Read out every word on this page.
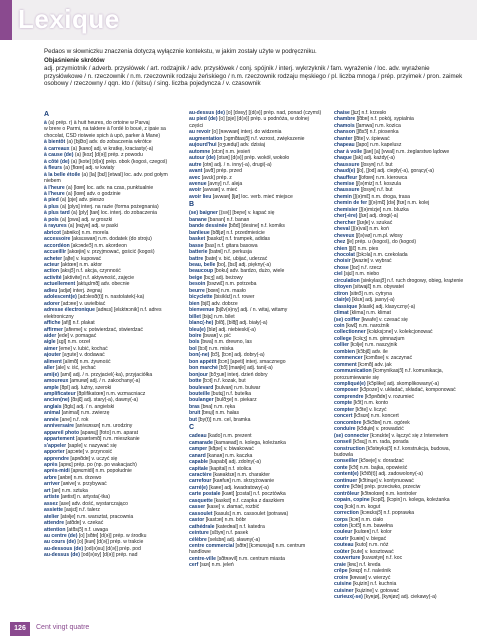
Lexique

Pedaos w słowniczku znaczenia dotyczą wyłącznie kontekstu, w jakim zostały użyte w podręczniku.

Objaśnienie skrótów

adj. przymiotnik / adverb. przysłówek / art. rodzajnik / adv. przysłówek / conj. spójnik / interj. wykrzyknik / fam. wyrażenie / loc. adv. wyrażenie przysłówkowe / n. rzeczownik / n.m. rzeczownik rodzaju żeńskiego / n.m. rzeczownik rodzaju męskiego / pl. liczba mnoga / prép. przyimek / pron. zaimek osobowy / rzeczowny / qqn. kto / (kitsu) / sing. liczba pojedyncza / v. czasownik

A

à (a) prép. r) à huit heures, do ortoine w Parvaj

w brere o Parmi, na taktere à l'ordé lo boué, z ipaie sa chocolat, CSD rioiweie spich à upò, parker à Mane)

à bientôt (a) [bjɛ̃to] adv. do zobaczenia wkrótce

à carreaux (a) [kaʀo] adj. w kratkę, kraciasty(-a)

à cause (de) (a) [koz] [d(ə)] prép. z powodu

à côté (de) (a) [kote] [d(ə)] prép. obok (kogoś, czegoś)

à fleurs (a) [flœʀ] adj. w kwiaty

à la belle étoile (a) [la] [bɛl] [etwal] loc. adv. pod gołym niebem

à l'heure (a) [lœʀ] loc. adv. na czas, punktualnie

à l'heure (a) [lœʀ] adv. o godzinie

à pied (a) [pje] adv. pieszo

à plus (a) [plys] interj. na razie (forma pożegnania)

à plus tard (a) [ply] [taʀ] loc. interj. do zobaczenia

à pois (a) [pwa] adj. w groszki

à rayures (a) [ʀɛjyʀ] adj. w paski

abricot [abʀiko] n.m. morela

accessoire [aksɛswaʀ] n.m. dodatek (do stroju)

accordéon [akɔʀdeɔ̃] n.m. akordeon

accueillir [akœjiʀ] v. przyjmować, gościć (kogoś)

acheter [aʃte] v. kupować

acteur [aktœʀ] n.m. aktor

action [aksjɔ̃] n.f. akcja, czynność

activité [aktivite] n.f. aktywność, zajęcie

actuellement [aktɥɛlmɑ̃] adv. obecnie

adieu [adjø] interj. żegnaj

adolescent(e) [adɔlesɑ̃(t)] n. nastolatek(-ka)

adorer [adɔʀe] v. uwielbiać

adresse électronique [adʀɛs] [elɛktʀɔnik] n.f. adres elektroniczny

affiche [afiʃ] n.f. plakat

affirmer [afiʀme] v. potwierdzać, stwierdzać

aider [ede] v. pomagać

aigle [ɛgl] n.m. orzeł

aimer [eme] v. lubić, kochać

ajouter [aʒute] v. dodawać

aliment [alimɑ̃] n.m. żywność

aller [ale] v. iść, jechać

ami(e) [ami] adj. / n. przyjaciel(-ka), przyjaciółka

amoureux [amuʀø] adj. / n. zakochany(-a)

ample [ɑ̃pl] adj. luźny, szeroki

amplificateur [ɑ̃plifikatœʀ] n.m. wzmacniacz

ancien(ne) [ɑ̃sjɛ̃] adj. stary(-a), dawny(-a)

anglais [ɑ̃glɛ] adj. / n. angielski

animal [animal] n.m. zwierzę

année [ane] n.f. rok

anniversaire [anivɛʀsɛʀ] n.m. urodziny

appareil photo [apaʀɛj] [foto] n.m. aparat

appartement [apaʀtəmɑ̃] n.m. mieszkanie

s'appeler [saple] v. nazywać się

apporter [apɔʀte] v. przynosić

apprendre [apʀɑ̃dʀ] v. uczyć się

après [apʀɛ] prép. po (np. po wakacjach)

après-midi [apʀɛmidi] n.m. popołudnie

arbre [aʀbʀ] n.m. drzewo

arriver [aʀive] v. przybywać

art [aʀ] n.m. sztuka

artiste [aʀtist] n. artysta(-tka)

assez [ase] adv. dość, wystarczająco

assiette [asjɛt] n.f. talerz

atelier [atəlje] n.m. warsztat, pracownia

attendre [atɑ̃dʀ] v. czekać

attention [atɑ̃sjɔ̃] n.f. uwaga

au centre (de) [o] [sɑ̃tʀ] [d(ə)] prép. w środku

au cours (de) [o] [kuʀ] [d(ə)] prép. w trakcie

au-dessous (de) [od(ə)su] [d(ə)] prép. pod

au-dessus (de) [od(ə)sy] [d(ə)] prép. nad

au-dessus (de) [o] [dəsy] [(d(ə)] prép. nad, ponad (czymś)

au pied (de) [o] [pje] [d(ə)] prép. u podnóża, w dolnej części

au revoir [o] [ʀəvwaʀ] interj. do widzenia

augmentation [ɔgmɑ̃tasjɔ̃] n.f. wzrost, zwiększenie

aujourd'hui [oʒuʀdɥi] adv. dzisiaj

automne [otɔn] n.m. jesień

autour (de) [otuʀ] [d(ə)] prép. wokół, wokoło

autre [otʀ] adj. / n. inny(-a), drugi(-a)

avant [avɑ̃] prép. przed

avec [avɛk] prép. z

avenue [avny] n.f. aleja

avoir [avwaʀ] v. mieć

avoir lieu [avwaʀ] [ljø] loc. verb. mieć miejsce

B

(se) baigner [(sə)] [beɲe] v. kąpać się

banane [banan] n.f. banan

bande dessinée [bɑ̃d] [desine] n.f. komiks

banlieue [bɑ̃ljø] n.f. przedmieście

basket [baskɛt] n.f. trampek, adidas

basse [bas] n.f. gitara basowa

batterie [batʀi] n.f. perkusja

battre [batʀ] v. bić, ubijać, uderzać

beau, belle [bo], [bɛl] adj. piękny(-a)

beaucoup [boku] adv. bardzo, dużo, wiele

beige [bɛʒ] adj. beżowy

besoin [bəzwɛ̃] n.m. potrzeba

beurre [bœʀ] n.m. masło

bicyclette [bisiklɛt] n.f. rower

bien [bjɛ̃] adv. dobrze

bienvenue [bjɛ̃v(ə)ny] adj. / n. witaj, witamy

billet [bijɛ] n.m. bilet

blanc(-he) [blɑ̃], [blɑ̃ʃ] adj. biały(-a)

bleu(e) [blø] adj. niebieski(-a)

boire [bwaʀ] v. pić

bois [bwa] n.m. drewno, las

bol [bɔl] n.m. miska

bon(-ne) [bɔ̃], [bɔn] adj. dobry(-a)

bon appétit [bɔn] [apeti] interj. smacznego

bon marché [bɔ̃] [maʀʃe] adj. tani(-a)

bonjour [bɔ̃ʒuʀ] interj. dzień dobry

botte [bɔt] n.f. kozak, but

boulevard [bulvaʀ] n.m. bulwar

bouteille [butɛj] n.f. butelka

boulanger [bulɑ̃ʒe] n. piekarz

bras [bʀa] n.m. ręka

bruit [bʀɥi] n.m. hałas

but [by(t)] n.m. cel, bramka

C

cadeau [kado] n.m. prezent

camarade [kamaʀad] n. kolega, koleżanka

camper [kɑ̃pe] v. biwakować

canard [kanaʀ] n.m. kaczka

capable [kapabl] adj. zdolny(-a)

capitale [kapital] n.f. stolica

caractère [kaʀaktɛʀ] n.m. charakter

carrefour [kaʀfuʀ] n.m. skrzyżowanie

carré(e) [kaʀe] adj. kwadratowy(-a)

carte postale [kaʀt] [pɔstal] n.f. pocztówka

casquette [kaskɛt] n.f. czapka z daszkiem

casser [kase] v. złamać, rozbić

cassoulet [kasulɛ] n.m. cassoulet (potrawa)

castor [kastɔʀ] n.m. bóbr

cathédrale [katedʀal] n.f. katedra

ceinture [sɛ̃tyʀ] n.f. pasek

célèbre [selɛbʀ] adj. sławny(-a)

centre commercial [sɑ̃tʀ] [kɔmɛʀsjal] n.m. centrum handlowe

centre-ville [sɑ̃tʀəvil] n.m. centrum miasta

cerf [sɛʀ] n.m. jeleń

chaise [ʃɛz] n.f. krzesło

chambre [ʃɑ̃bʀ] n.f. pokój, sypialnia

chamois [ʃamwa] n.m. kozica

chanson [ʃɑ̃sɔ̃] n.f. piosenka

chanter [ʃɑ̃te] v. śpiewać

chapeau [ʃapo] n.m. kapelusz

char à voile [ʃaʀ] [a] [vwal] n.m. żeglarstwo lądowe

chaque [ʃak] adj. każdy(-a)

chaussure [ʃosyʀ] n.f. but

chaud(e) [ʃo], [ʃod] adj. ciepły(-a), gorący(-a)

chauffeur [ʃofœʀ] n.m. kierowca

chemise [ʃ(ə)miz] n.f. koszula

chaussure [ʃosyʀ] n.f. but

chemin [ʃ(ə)mɛ̃] n.m. droga, trasa

chemin de fer [ʃ(ə)mɛ̃] [də] [fɛʀ] n.m. kolej

chemisier [ʃ(ə)mizje] n.m. bluzka

cher(-ère) [ʃɛʀ] adj. drogi(-a)

chercher [ʃɛʀʃe] v. szukać

cheval [ʃ(ə)val] n.m. koń

cheveux [ʃ(ə)vø] n.m.pl. włosy

chez [ʃe] prép. u (kogoś), do (kogoś)

chien [ʃjɛ̃] n.m. pies

chocolat [ʃɔkɔla] n.m. czekolada

choisir [ʃwaziʀ] v. wybrać

chose [ʃoz] n.f. rzecz

ciel [sjɛl] n.m. niebo

circulation [siʀkylasjɔ̃] n.f. ruch drogowy, obieg, krążenie

citoyen [sitwajɛ̃] n.m. obywatel

citron [sitʀɔ̃] n.m. cytryna

clair(e) [klɛʀ] adj. jasny(-a)

classique [klasik] adj. klasyczny(-a)

climat [klima] n.m. klimat

(se) coiffer [kwafe] v. czesać się

coin [kwɛ̃] n.m. narożnik

collectionner [kɔlɛksjɔne] v. kolekcjonować

college [kɔlɛʒ] n.m. gimnazjum

collier [kɔlje] n.m. naszyjnik

combien [kɔ̃bjɛ̃] adv. ile

commencer [kɔmɑ̃se] v. zaczynać

comment [kɔmɑ̃] adv. jak

communication [kɔmynikasjɔ̃] n.f. komunikacja, porozumiewanie się

compliqué(e) [kɔ̃plike] adj. skomplikowany(-a)

composer [kɔ̃poze] v. układać, składać, komponować

comprendre [kɔ̃pʀɑ̃dʀ] v. rozumieć

compte [kɔ̃t] n.m. konto

compter [kɔ̃te] v. liczyć

concert [kɔ̃sɛʀ] n.m. koncert

concombre [kɔ̃kɔ̃bʀ] n.m. ogórek

conduire [kɔ̃dɥiʀ] v. prowadzić

(se) connecter [kɔnɛkte] v. łączyć się z Internetem

conseil [kɔ̃sɛj] n.m. rada, porada

construction [kɔ̃stʀyksjɔ̃] n.f. konstrukcja, budowa, budowla

conseiller [kɔ̃seje] v. doradzać

conte [kɔ̃t] n.m. bajka, opowieść

content(e) [kɔ̃tɑ̃(t)] adj. zadowolony(-a)

continuer [kɔ̃tinɥe] v. kontynuować

contre [kɔ̃tʀ] prép. przeciwko, przeciw

contrôleur [kɔ̃tʀolœʀ] n.m. kontroler

copain, copine [kɔpɛ̃], [kɔpin] n. kolega, koleżanka

coq [kɔk] n.m. kogut

correction [kɔʀɛksjɔ̃] n.f. poprawka

corps [kɔʀ] n.m. ciało

coton [kɔtɔ̃] n.m. bawełna

couleur [kulœʀ] n.f. kolor

courir [kuʀiʀ] v. biegać

couteau [kuto] n.m. nóż

coûter [kute] v. kosztować

couverture [kuvɛʀtyʀ] n.f. koc

craie [kʀɛ] n.f. kreda

crêpe [kʀɛp] n.f. naleśnik

croire [kʀwaʀ] v. wierzyć

cuisine [kɥizin] n.f. kuchnia

cuisiner [kɥizine] v. gotować

curieux(-se) [kyʀjø], [kyʀjøz] adj. ciekawy(-a)

126	Cent vingt quatre
